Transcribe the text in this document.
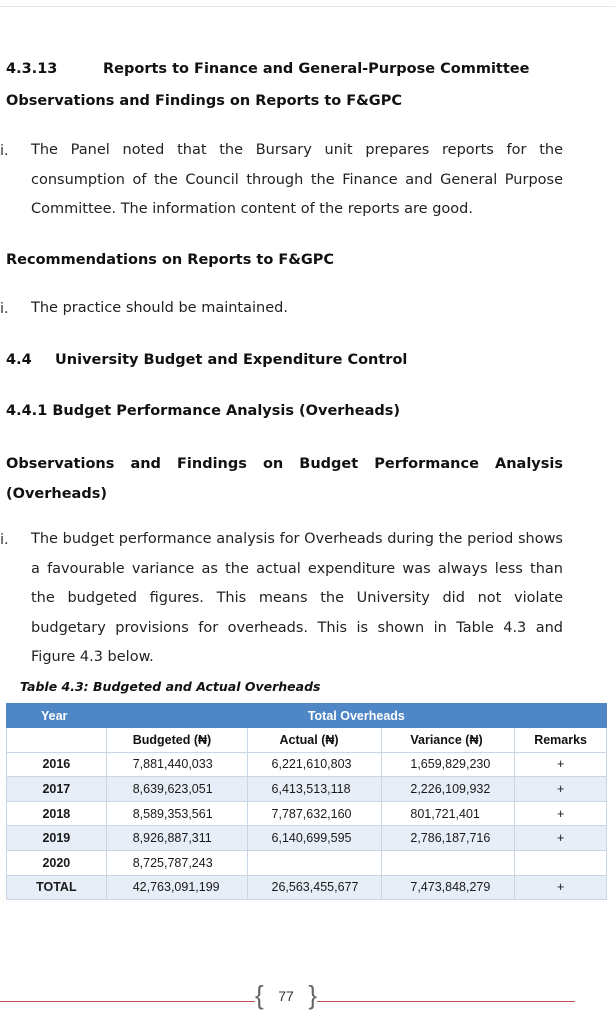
4.3.13	Reports to Finance and General-Purpose Committee
Observations and Findings on Reports to F&GPC
i. The Panel noted that the Bursary unit prepares reports for the consumption of the Council through the Finance and General Purpose Committee. The information content of the reports are good.
Recommendations on Reports to F&GPC
i. The practice should be maintained.
4.4 University Budget and Expenditure Control
4.4.1 Budget Performance Analysis (Overheads)
Observations and Findings on Budget Performance Analysis (Overheads)
i. The budget performance analysis for Overheads during the period shows a favourable variance as the actual expenditure was always less than the budgeted figures. This means the University did not violate budgetary provisions for overheads. This is shown in Table 4.3 and Figure 4.3 below.
Table 4.3: Budgeted and Actual Overheads
Year	Total Overheads			
	Budgeted (₦)	Actual (₦)	Variance (₦)	Remarks
2016	7,881,440,033	6,221,610,803	1,659,829,230	+
2017	8,639,623,051	6,413,513,118	2,226,109,932	+
2018	8,589,353,561	7,787,632,160	801,721,401	+
2019	8,926,887,311	6,140,699,595	2,786,187,716	+
2020	8,725,787,243			
TOTAL	42,763,091,199	26,563,455,677	7,473,848,279	+
{ 77 }
